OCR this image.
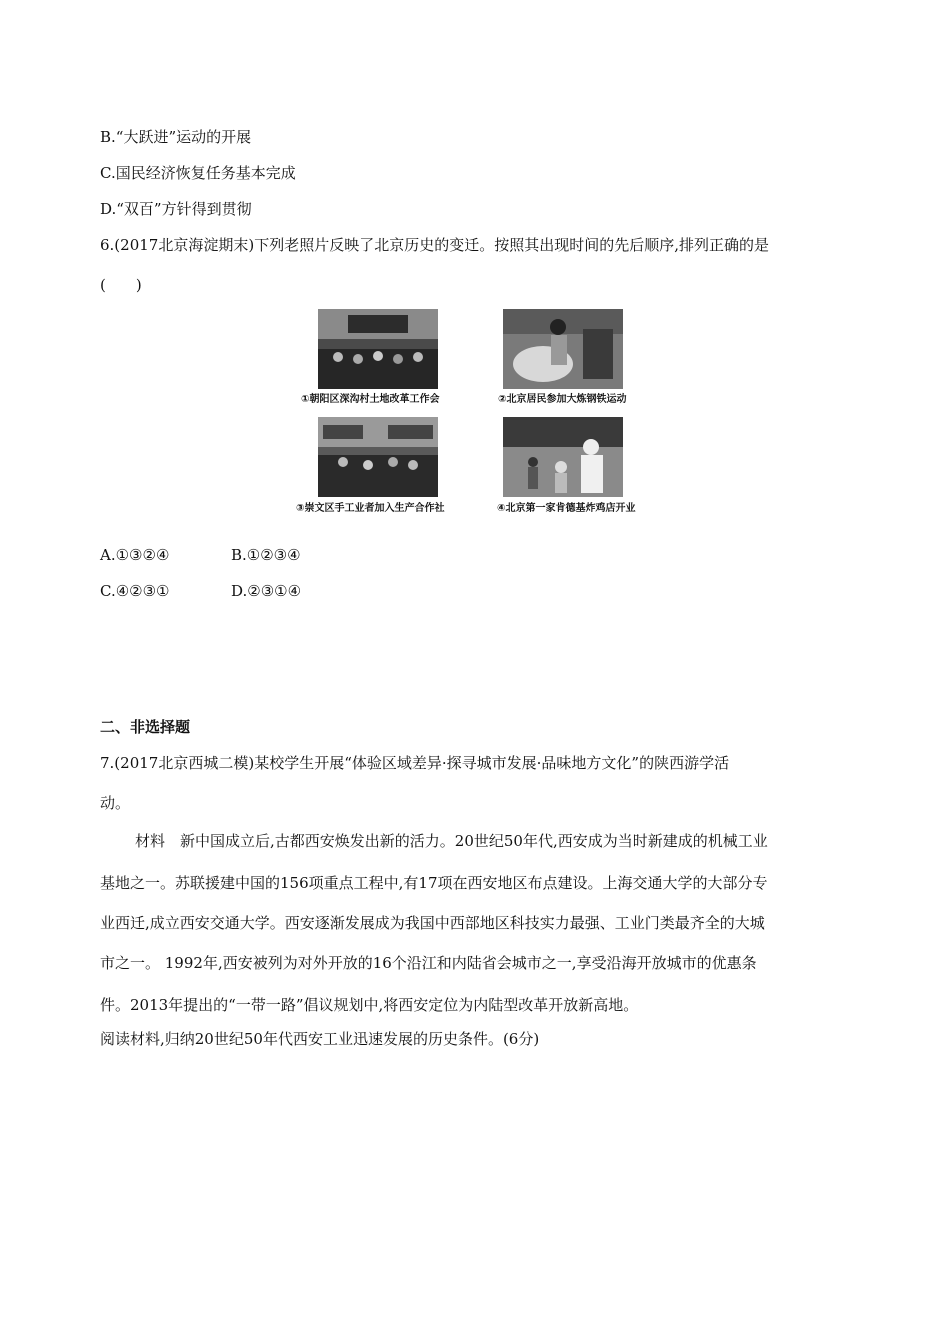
B.“大跃进”运动的开展
C.国民经济恢复任务基本完成
D.“双百”方针得到贯彻
6.(2017北京海淀期末)下列老照片反映了北京历史的变迁。按照其出现时间的先后顺序,排列正确的是
(　　)
①朝阳区深沟村土地改革工作会	②北京居民参加大炼钢铁运动
③崇文区手工业者加入生产合作社	④北京第一家肯德基炸鸡店开业
A.①③②④	B.①②③④
C.④②③①	D.②③①④
二、非选择题
7.(2017北京西城二模)某校学生开展“体验区域差异·探寻城市发展·品味地方文化”的陕西游学活
动。
材料　新中国成立后,古都西安焕发出新的活力。20世纪50年代,西安成为当时新建成的机械工业
基地之一。苏联援建中国的156项重点工程中,有17项在西安地区布点建设。上海交通大学的大部分专
业西迁,成立西安交通大学。西安逐渐发展成为我国中西部地区科技实力最强、工业门类最齐全的大城
市之一。 1992年,西安被列为对外开放的16个沿江和内陆省会城市之一,享受沿海开放城市的优惠条
件。2013年提出的“一带一路”倡议规划中,将西安定位为内陆型改革开放新高地。
阅读材料,归纳20世纪50年代西安工业迅速发展的历史条件。(6分)
